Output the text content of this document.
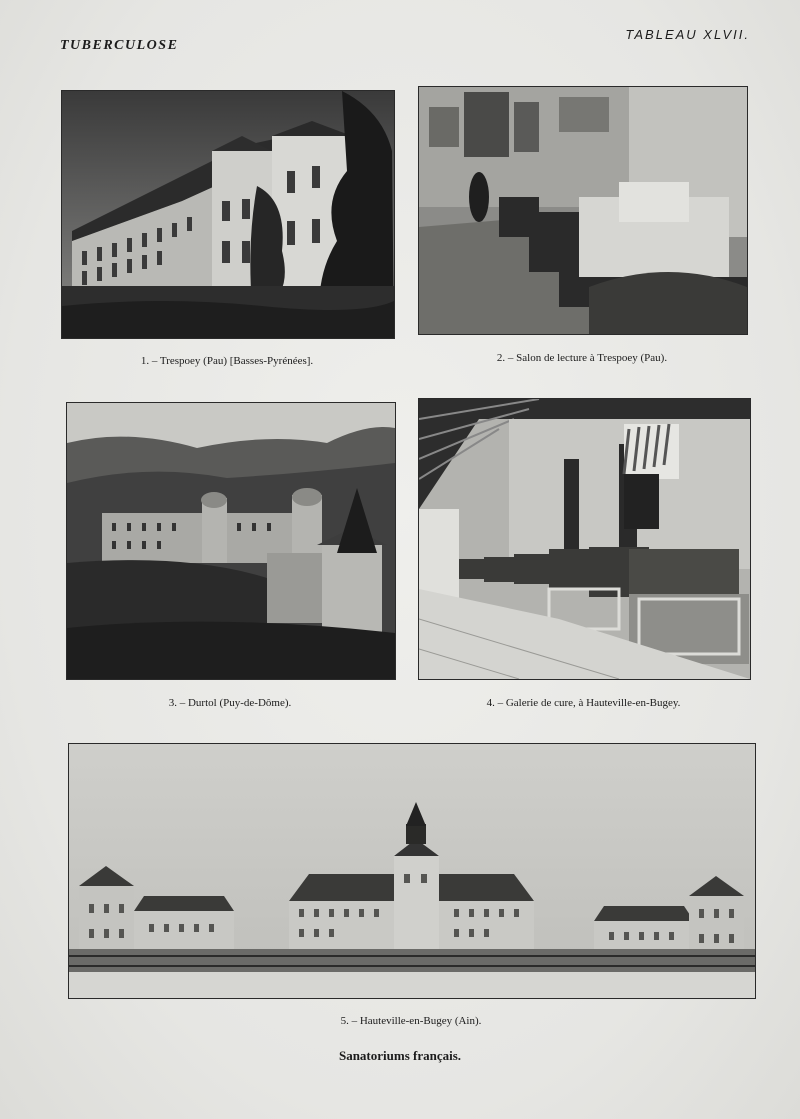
TUBERCULOSE
TABLEAU XLVII.
1. – Trespoey (Pau) [Basses-Pyrénées].	2. – Salon de lecture à Trespoey (Pau).
3. – Durtol (Puy-de-Dôme).	4. – Galerie de cure, à Hauteville-en-Bugey.
5. – Hauteville-en-Bugey (Ain).
Sanatoriums français.
